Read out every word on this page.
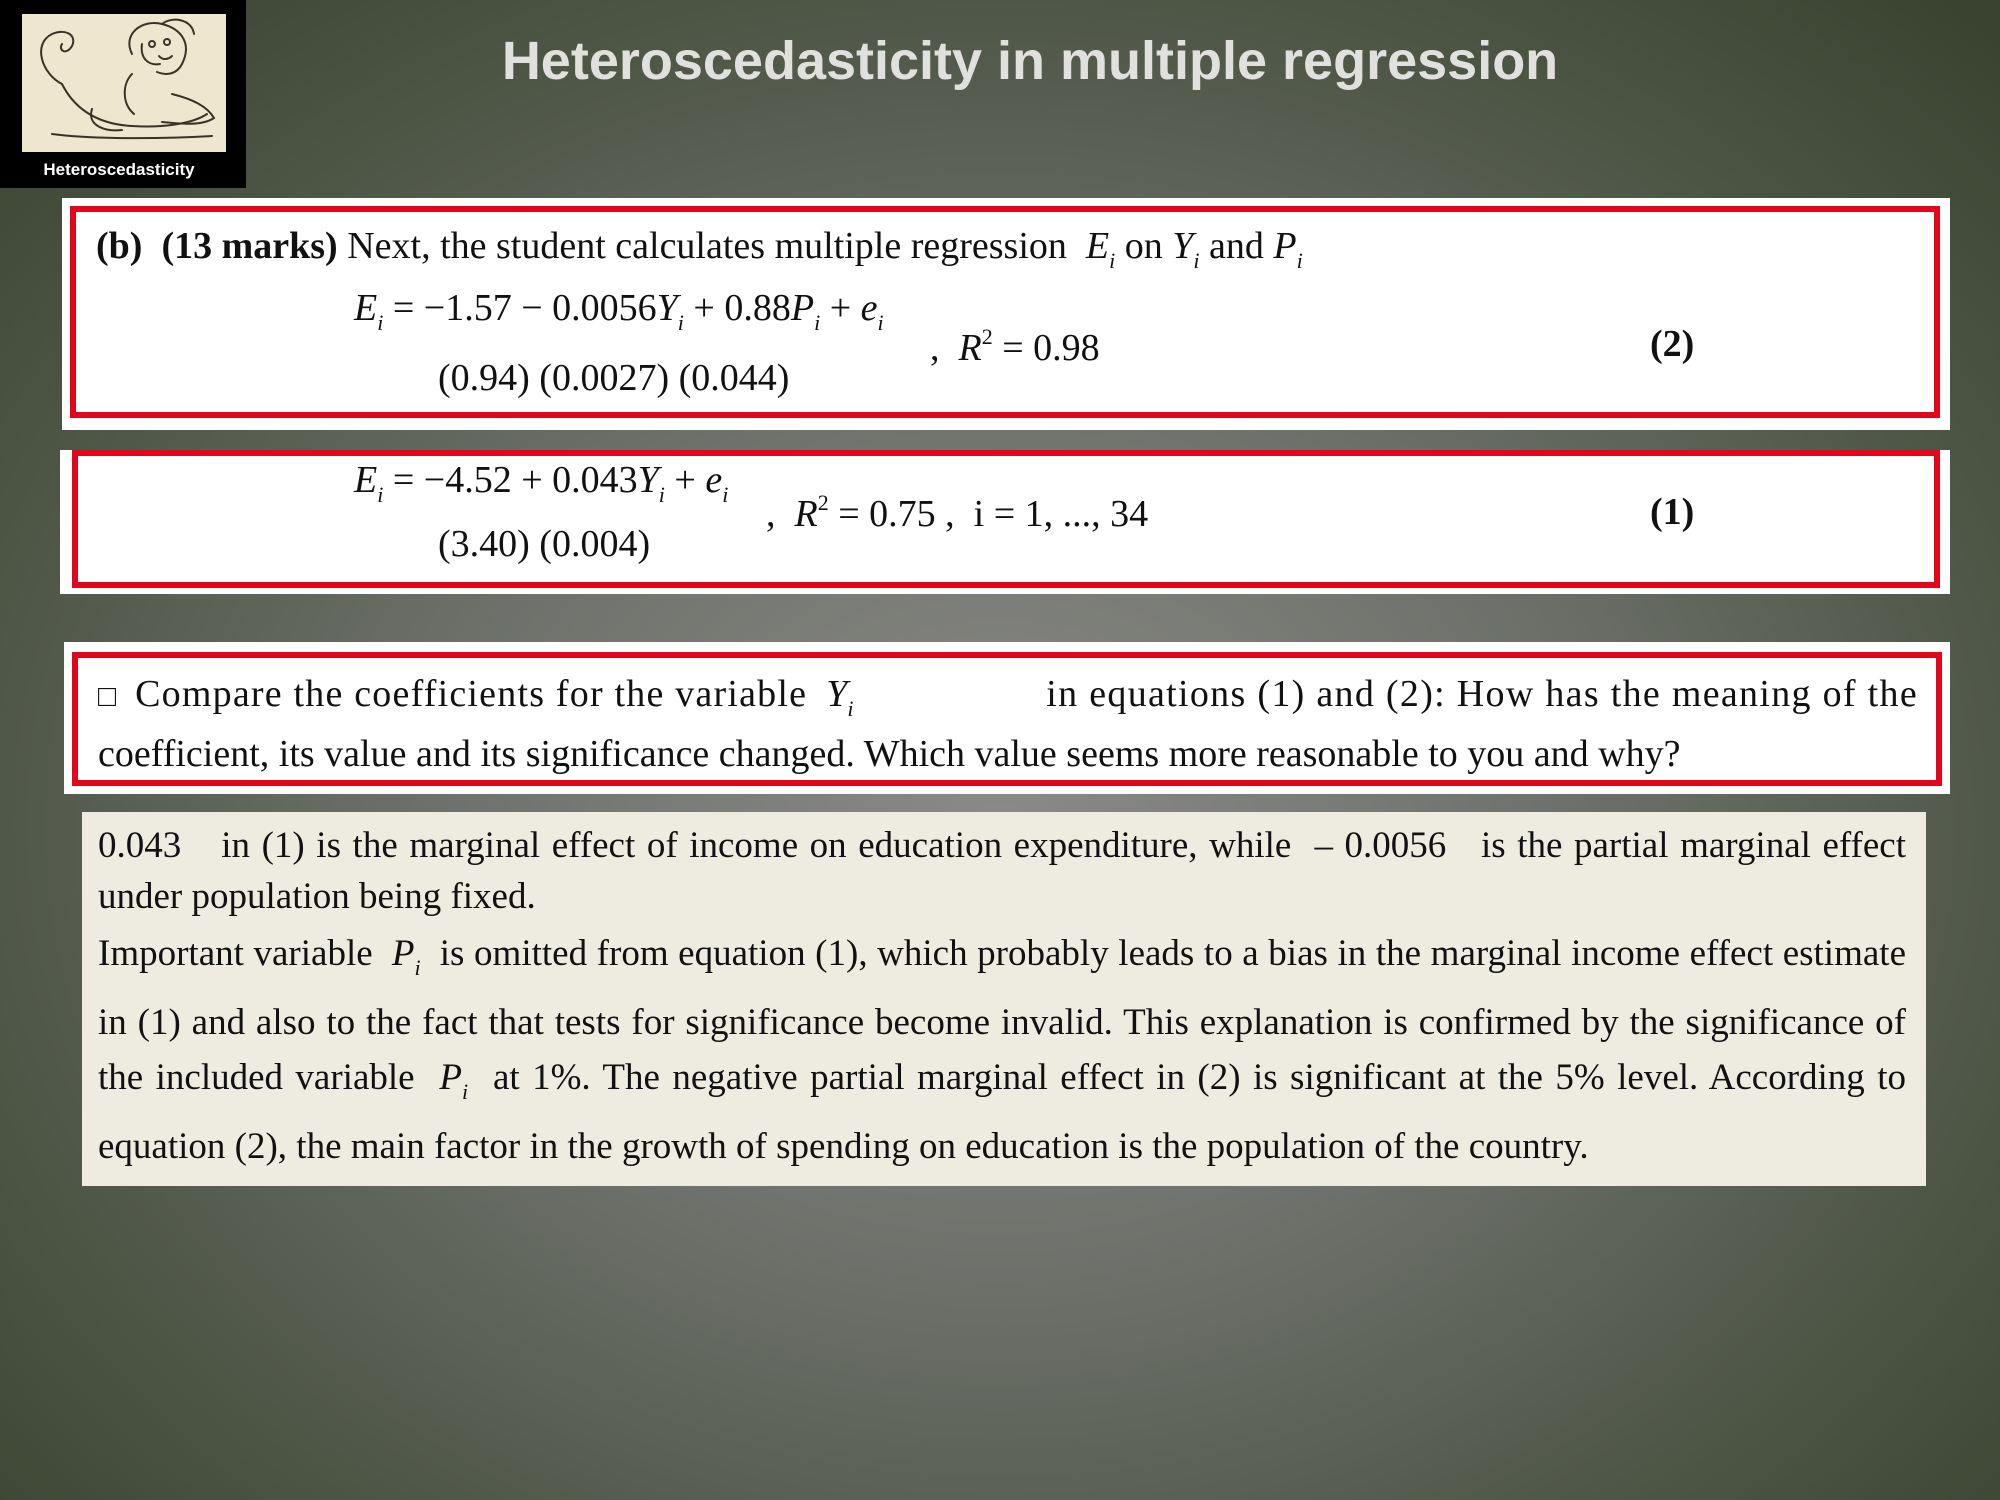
Heteroscedasticity
Heteroscedasticity in multiple regression
(b) (13 marks) Next, the student calculates multiple regression $E_i$ on $Y_i$ and $P_i$
$E_i = -1.57 - 0.0056Y_i + 0.88P_i + e_i$
,  $R^2 = 0.98$
(0.94) (0.0027) (0.044)
(2)
$E_i = -4.52 + 0.043Y_i + e_i$ ,  $R^2 = 0.75$ , i = 1, ..., 34
(3.40) (0.004)
(1)
□ Compare the coefficients for the variable $Y_i$	in equations (1) and (2): How has the meaning of the
coefficient, its value and its significance changed. Which value seems more reasonable to you and why?

0.043 in (1) is the marginal effect of income on education expenditure, while – 0.0056 is the partial marginal effect under population being fixed.

Important variable $P_i$ is omitted from equation (1), which probably leads to a bias in the marginal income effect estimate in (1) and also to the fact that tests for significance become invalid. This explanation is confirmed by the significance of the included variable $P_i$ at 1%. The negative partial marginal effect in (2) is significant at the 5% level. According to equation (2), the main factor in the growth of spending on education is the population of the country.
